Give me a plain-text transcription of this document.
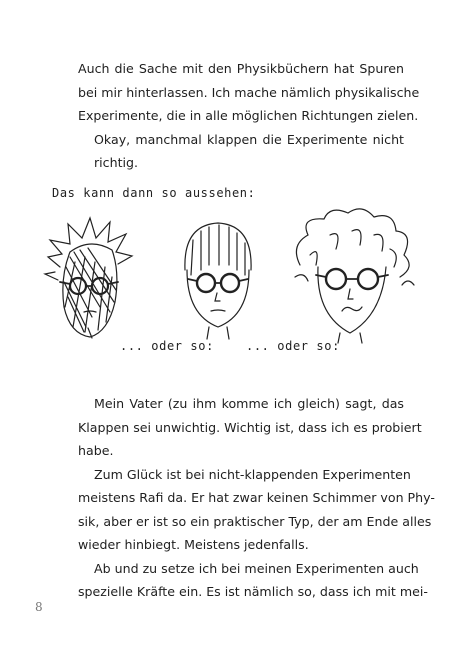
Auch die Sache mit den Physikbüchern hat Spuren
bei mir hinterlassen. Ich mache nämlich physikalische
Experimente, die in alle möglichen Richtungen zielen.
Okay, manchmal klappen die Experimente nicht
richtig.
Das kann dann so aussehen:
... oder so:	... oder so:
Mein Vater (zu ihm komme ich gleich) sagt, das
Klappen sei unwichtig. Wichtig ist, dass ich es probiert
habe.
Zum Glück ist bei nicht-klappenden Experimenten
meistens Rafi da. Er hat zwar keinen Schimmer von Phy-
sik, aber er ist so ein praktischer Typ, der am Ende alles
wieder hinbiegt. Meistens jedenfalls.
Ab und zu setze ich bei meinen Experimenten auch
spezielle Kräfte ein. Es ist nämlich so, dass ich mit mei-
8
